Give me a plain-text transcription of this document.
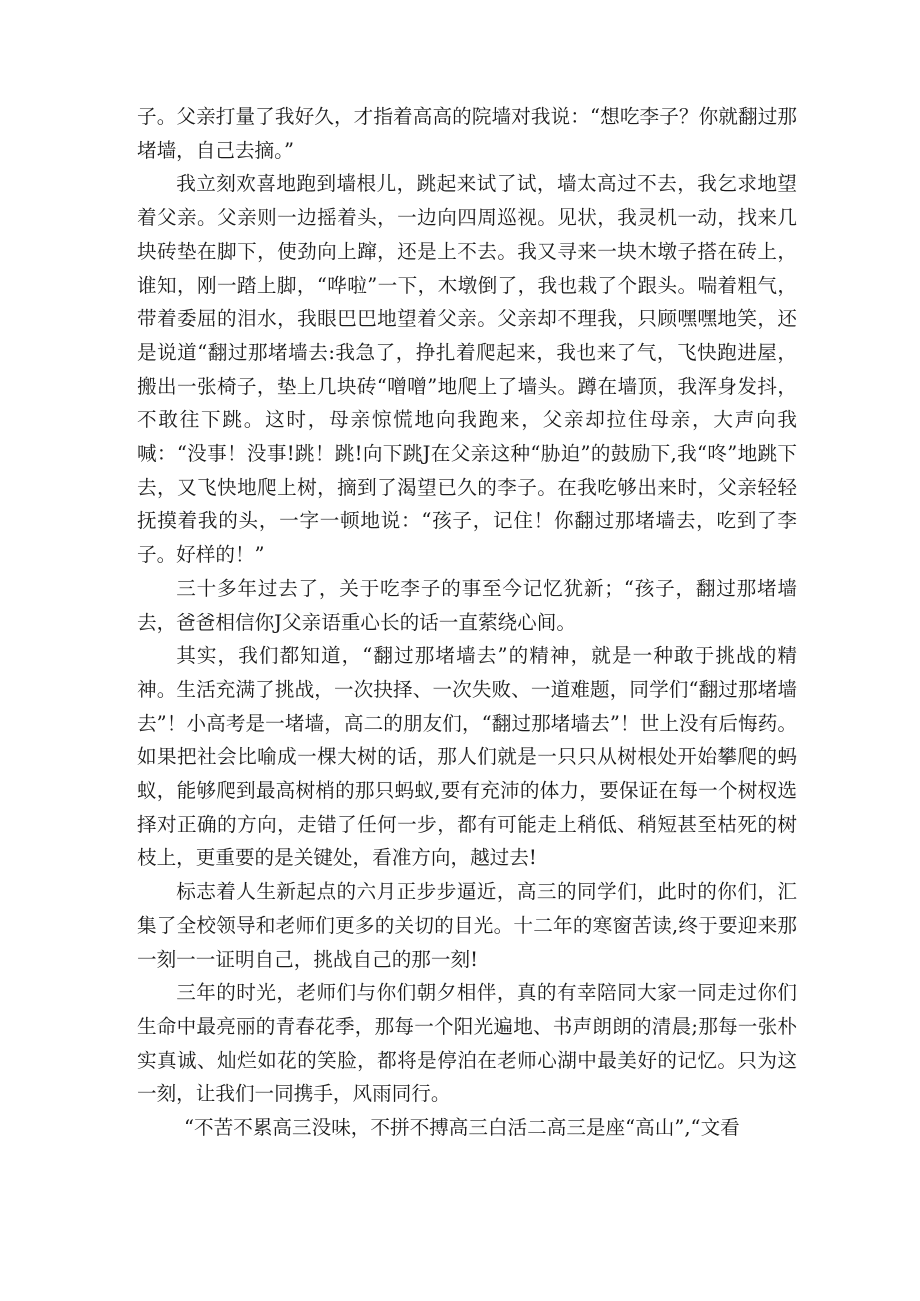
子。父亲打量了我好久，才指着高高的院墙对我说：“想吃李子？你就翻过那堵墙，自己去摘。”

我立刻欢喜地跑到墙根儿，跳起来试了试，墙太高过不去，我乞求地望着父亲。父亲则一边摇着头，一边向四周巡视。见状，我灵机一动，找来几块砖垫在脚下，使劲向上蹿，还是上不去。我又寻来一块木墩子搭在砖上，谁知，刚一踏上脚，“哗啦”一下，木墩倒了，我也栽了个跟头。喘着粗气，带着委屈的泪水，我眼巴巴地望着父亲。父亲却不理我，只顾嘿嘿地笑，还是说道“翻过那堵墙去:我急了，挣扎着爬起来，我也来了气，飞快跑进屋，搬出一张椅子，垫上几块砖“噌噌”地爬上了墙头。蹲在墙顶，我浑身发抖，不敢往下跳。这时，母亲惊慌地向我跑来，父亲却拉住母亲，大声向我喊：“没事！没事!跳！跳!向下跳J在父亲这种“胁迫”的鼓励下,我“咚”地跳下去，又飞快地爬上树，摘到了渴望已久的李子。在我吃够出来时，父亲轻轻抚摸着我的头，一字一顿地说：“孩子，记住！你翻过那堵墙去，吃到了李子。好样的！”

三十多年过去了，关于吃李子的事至今记忆犹新；“孩子，翻过那堵墙去，爸爸相信你J父亲语重心长的话一直萦绕心间。

其实，我们都知道，“翻过那堵墙去”的精神，就是一种敢于挑战的精神。生活充满了挑战，一次抉择、一次失败、一道难题，同学们“翻过那堵墙去”！小高考是一堵墙，高二的朋友们，“翻过那堵墙去”！世上没有后悔药。如果把社会比喻成一棵大树的话，那人们就是一只只从树根处开始攀爬的蚂蚁，能够爬到最高树梢的那只蚂蚁,要有充沛的体力，要保证在每一个树杈选择对正确的方向，走错了任何一步，都有可能走上稍低、稍短甚至枯死的树枝上，更重要的是关键处，看准方向，越过去!

标志着人生新起点的六月正步步逼近，高三的同学们，此时的你们，汇集了全校领导和老师们更多的关切的目光。十二年的寒窗苦读,终于要迎来那一刻一一证明自己，挑战自己的那一刻!

三年的时光，老师们与你们朝夕相伴，真的有幸陪同大家一同走过你们生命中最亮丽的青春花季，那每一个阳光遍地、书声朗朗的清晨;那每一张朴实真诚、灿烂如花的笑脸，都将是停泊在老师心湖中最美好的记忆。只为这一刻，让我们一同携手，风雨同行。

“不苦不累高三没味，不拼不搏高三白活二高三是座“高山”,“文看
